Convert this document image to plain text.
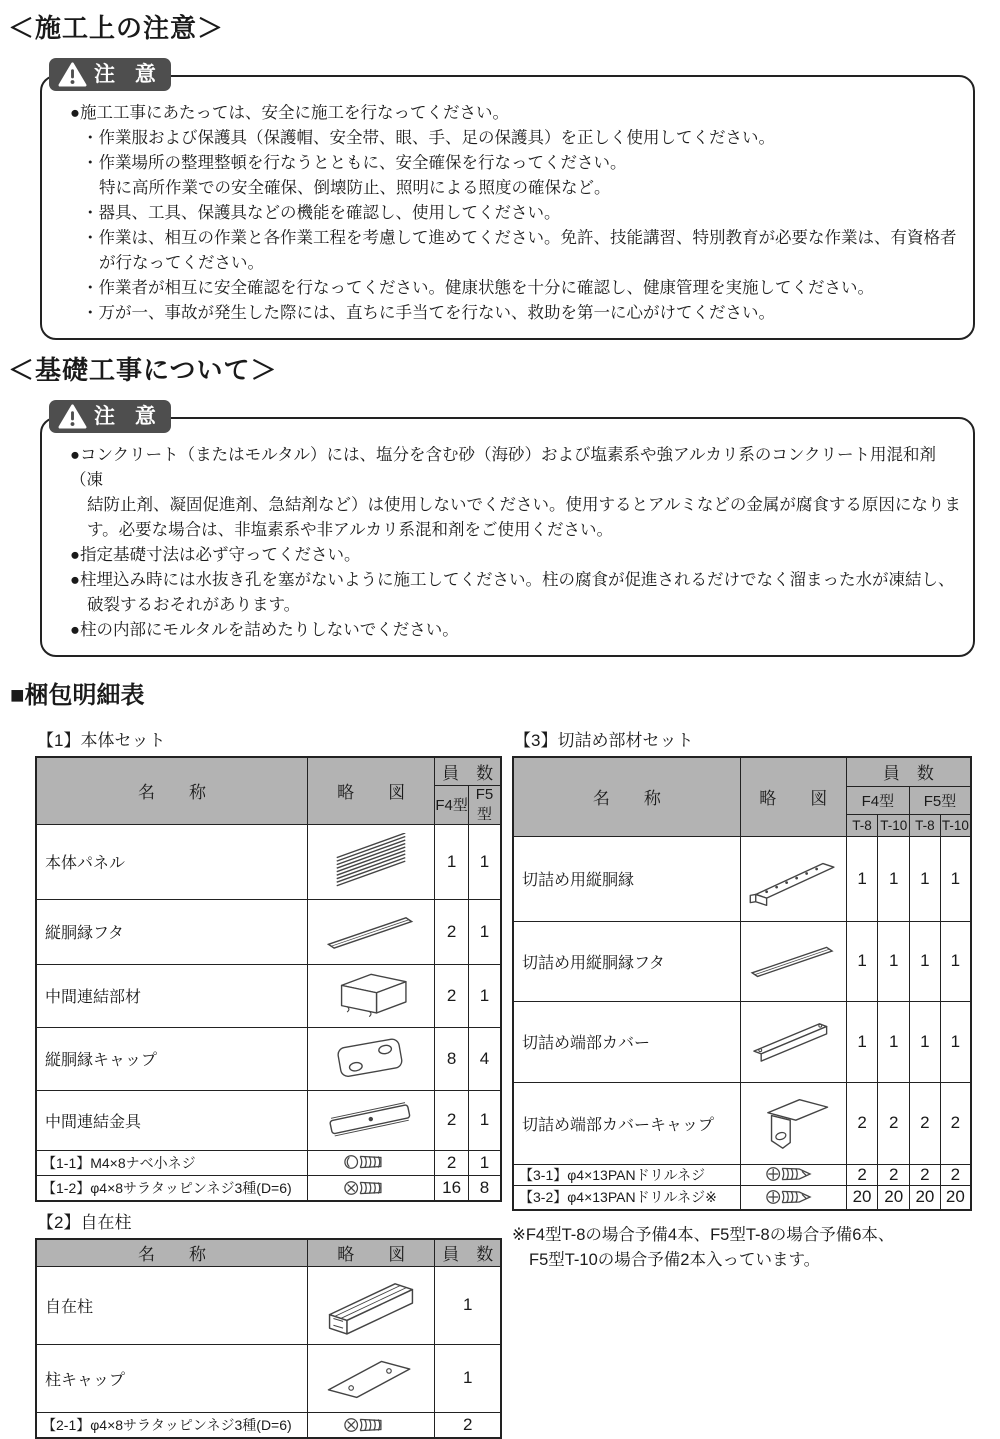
＜施工上の注意＞
注 意

●施工工事にあたっては、安全に施工を行なってください。

・作業服および保護具（保護帽、安全帯、眼、手、足の保護具）を正しく使用してください。

・作業場所の整理整頓を行なうとともに、安全確保を行なってください。

特に高所作業での安全確保、倒壊防止、照明による照度の確保など。

・器具、工具、保護具などの機能を確認し、使用してください。

・作業は、相互の作業と各作業工程を考慮して進めてください。免許、技能講習、特別教育が必要な作業は、有資格者

が行なってください。

・作業者が相互に安全確認を行なってください。健康状態を十分に確認し、健康管理を実施してください。

・万が一、事故が発生した際には、直ちに手当てを行ない、救助を第一に心がけてください。

＜基礎工事について＞
注 意

●コンクリート（またはモルタル）には、塩分を含む砂（海砂）および塩素系や強アルカリ系のコンクリート用混和剤（凍

結防止剤、凝固促進剤、急結剤など）は使用しないでください。使用するとアルミなどの金属が腐食する原因になりま

す。必要な場合は、非塩素系や非アルカリ系混和剤をご使用ください。

●指定基礎寸法は必ず守ってください。

●柱埋込み時には水抜き孔を塞がないように施工してください。柱の腐食が促進されるだけでなく溜まった水が凍結し、

破裂するおそれがあります。

●柱の内部にモルタルを詰めたりしないでください。

■梱包明細表
【1】本体セット
名　　称	略　　図	員　数	
		F4型	F5型
本体パネル		1	1
縦胴縁フタ		2	1
中間連結部材		2	1
縦胴縁キャップ		8	4
中間連結金具		2	1
【1-1】M4×8ナベ小ネジ		2	1
【1-2】φ4×8サラタッピンネジ3種(D=6)		16	8
【2】自在柱
名　　称	略　　図	員　数
自在柱		1
柱キャップ		1
【2-1】φ4×8サラタッピンネジ3種(D=6)		2
【3】切詰め部材セット
名　　称	略　　図	員　数			
		F4型		F5型	
		T-8	T-10	T-8	T-10
切詰め用縦胴縁		1	1	1	1
切詰め用縦胴縁フタ		1	1	1	1
切詰め端部カバー		1	1	1	1
切詰め端部カバーキャップ		2	2	2	2
【3-1】φ4×13PANドリルネジ		2	2	2	2
【3-2】φ4×13PANドリルネジ※		20	20	20	20

※F4型T-8の場合予備4本、F5型T-8の場合予備6本、

F5型T-10の場合予備2本入っています。
